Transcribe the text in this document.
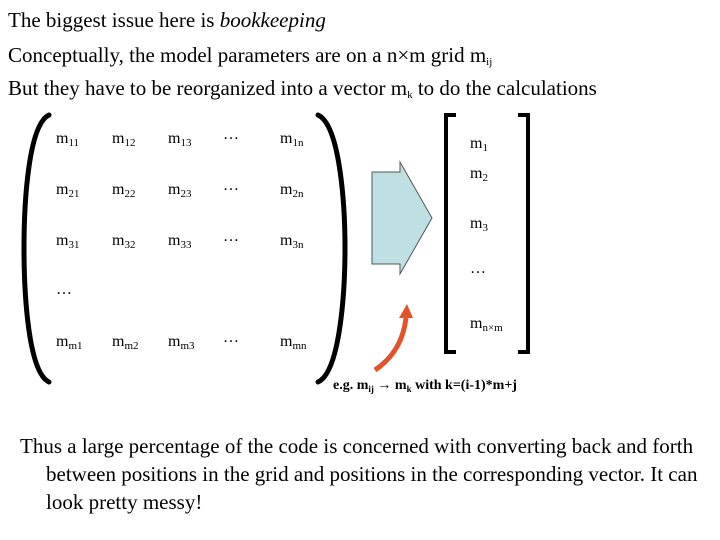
The biggest issue here is bookkeeping
Conceptually, the model parameters are on a n×m grid $m_{ij}$
But they have to be reorganized into a vector $m_k$ to do the calculations
$m_{11}$ $m_{12}$ $m_{13}$ …	$m_{1n}$
$m_{21}$ $m_{22}$ $m_{23}$ …	$m_{2n}$
$m_{31}$ $m_{32}$ $m_{33}$ …	$m_{3n}$
…
$m_{m1}$ $m_{m2}$ $m_{m3}$ …	$m_{mn}$
$m_1$
$m_2$
$m_3$
…
$m_{n\times m}$
e.g. $m_{ij} \to m_k$ with k=(i-1)*m+j
Thus a large percentage of the code is concerned with converting back and forth between positions in the grid and positions in the corresponding vector. It can look pretty messy!
